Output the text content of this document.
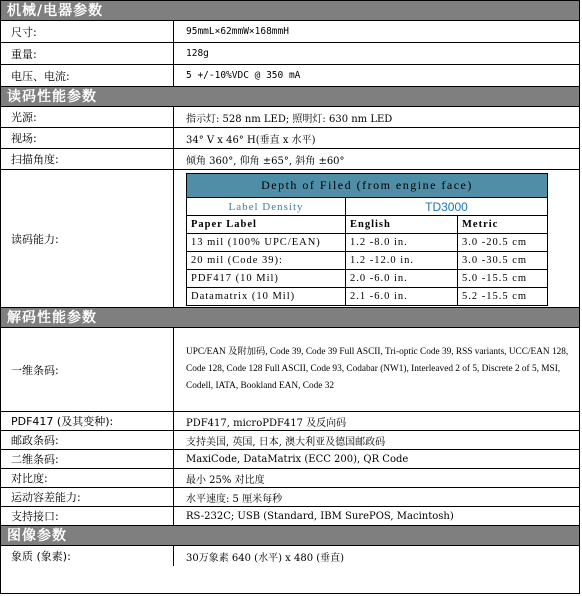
机械/电器参数
尺寸:	95mmL×62mmW×168mmH
重量:	128g
电压、电流:	5 +/-10%VDC @ 350 mA
读码性能参数
光源:	指示灯: 528 nm LED; 照明灯: 630 nm LED
视场:	34° V x 46° H(垂直 x 水平)
扫描角度:	倾角 360°, 仰角 ±65°, 斜角 ±60°
读码能力:
Depth of Filed (from engine face)		
Label Density	TD3000	
Paper Label	English	Metric
13 mil (100% UPC/EAN)	1.2 -8.0 in.	3.0 -20.5 cm
20 mil (Code 39):	1.2 -12.0 in.	3.0 -30.5 cm
PDF417 (10 Mil)	2.0 -6.0 in.	5.0 -15.5 cm
Datamatrix (10 Mil)	2.1 -6.0 in.	5.2 -15.5 cm
解码性能参数
一维条码:
UPC/EAN 及附加码, Code 39, Code 39 Full ASCII, Tri-optic Code 39, RSS variants, UCC/EAN 128, Code 128, Code 128 Full ASCII, Code 93, Codabar (NW1), Interleaved 2 of 5, Discrete 2 of 5, MSI, Codell, IATA, Bookland EAN, Code 32
PDF417 (及其变种):	PDF417, microPDF417 及反向码
邮政条码:	支持美国, 英国, 日本, 澳大利亚及德国邮政码
二维条码:	MaxiCode, DataMatrix (ECC 200), QR Code
对比度:	最小 25% 对比度
运动容差能力:	水平速度: 5 厘米每秒
支持接口:	RS-232C; USB (Standard, IBM SurePOS, Macintosh)
图像参数
象质 (象素):	30万象素 640 (水平) x 480 (垂直)
